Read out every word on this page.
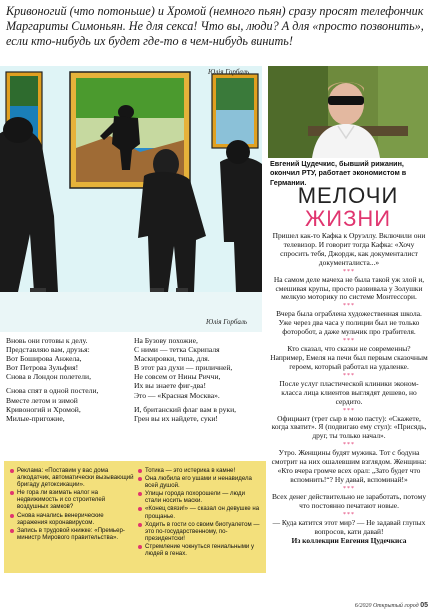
Кривоногий (что потоньше) и Хромой (немного пьян) сразу просят телефончик Маргариты Симоньян. Не для секса! Что вы, люди? А для «просто позвонить», если кто-нибудь их будет где-то в чем-нибудь винить!
Юлія Горбаль
Юлія Горбаль
Евгений Цудечкис, бывший рижанин, окончил РТУ, работает экономистом в Германии.
МЕЛОЧИ
ЖИЗНИ
Пришел как-то Кафка к Оруэллу. Включили они телевизор. И говорит тогда Кафка: «Хочу спросить тебя, Джордж, как документалист документалиста...»
***
На самом деле мачеха не была такой уж злой и, смешивая крупы, просто развивала у Золушки мелкую моторику по системе Монтессори.
***
Вчера была ограблена художественная школа. Уже через два часа у полиции был не только фоторобот, а даже мульчик про грабителя.
***
Кто сказал, что сказки не современны? Например, Емеля на печи был первым сказочным героем, который работал на удаленке.
***
После услуг пластической клиники эконом-класса лица клиентов выглядят дешево, но сердито.
***
Официант (трет сыр в мою пасту): «Скажете, когда хватит». Я (подвигаю ему стул): «Присядь, друг, ты только начал».
***
Утро. Женщины будят мужика. Тот с бодуна смотрит на них ошалевшим взглядом. Женщина: «Кто вчера громче всех орал: „Зато будет что вспомнить!“? Ну давай, вспоминай!»
***
Всех денег действительно не заработать, потому что постоянно печатают новые.
***
— Куда катится этот мир? — Не задавай глупых вопросов, кати давай!
Из коллекции Евгения Цудечкиса
Вновь они готовы к делу.
Представляю вам, друзья:
Вот Боширова Анжела,
Вот Петрова Зульфия!
Снова в Лондон полетели,
Снова спят в одной постели,
Вместе летом и зимой
Кривоногий и Хромой,
Милые-пригожие,
На Бузову похожие,
С ними — тетка Скрипаля
Маскировки, типа, для.
В этот раз духи — приличней,
Не совсем от Нины Риччи,
Их вы знаете фиг-два!
Это — «Красная Москва».
И, британский флаг вам в руки,
Грен вы их найдете, суки!
Реклама: «Поставим у вас дома алкодатчик, автоматически вызывающий бригаду детоксикации».
Не гора ли взимать налог на недвижимость и со строителей воздушных замков?
Снова начались венерические заражения коронавирусом.
Запись в трудовой книжке: «Премьер-министр Мирового правительства».
Тотика — это истерика в камне!
Она любила его ушами и ненавидела всей душой.
Улицы города похорошели — люди стали носить маски.
«Конец связи!» — сказал он девушке на прощанье.
Ходить в гости со своим биотуалетом — это по-государственному, по-президентски!
Стремление чокнуться гениальными у людей в генах.
6/2020 Открытый город 05
